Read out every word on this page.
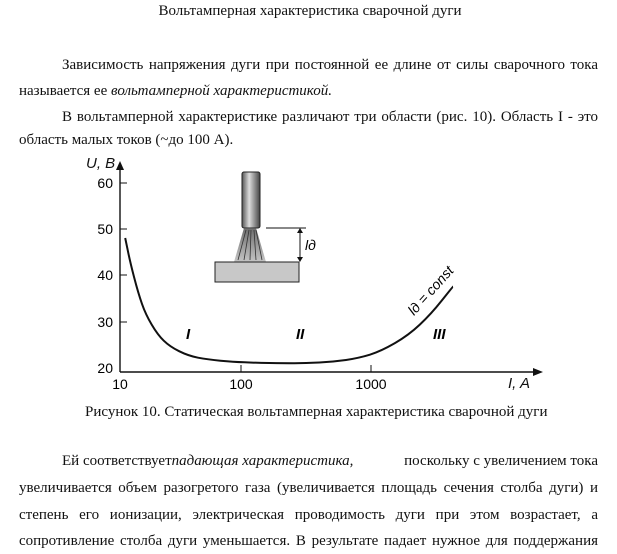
Вольтамперная характеристика сварочной дуги
Зависимость напряжения дуги при постоянной ее длине от силы сварочного тока
называется ее вольтамперной характеристикой.
В вольтамперной характеристике различают три области (рис. 10). Область I - это
область малых токов (~до 100 А).
U, B
I, A
60
50
40
30
20
10	100	1000
I	II	III
lд = const
lд
Рисунок 10. Статическая вольтамперная характеристика сварочной дуги
Ей соответствует падающая характеристика,	поскольку с увеличением тока
увеличивается объем разогретого газа (увеличивается площадь сечения столба дуги) и
степень его ионизации, электрическая проводимость дуги при этом возрастает, а
сопротивление столба дуги уменьшается. В результате падает нужное для поддержания
